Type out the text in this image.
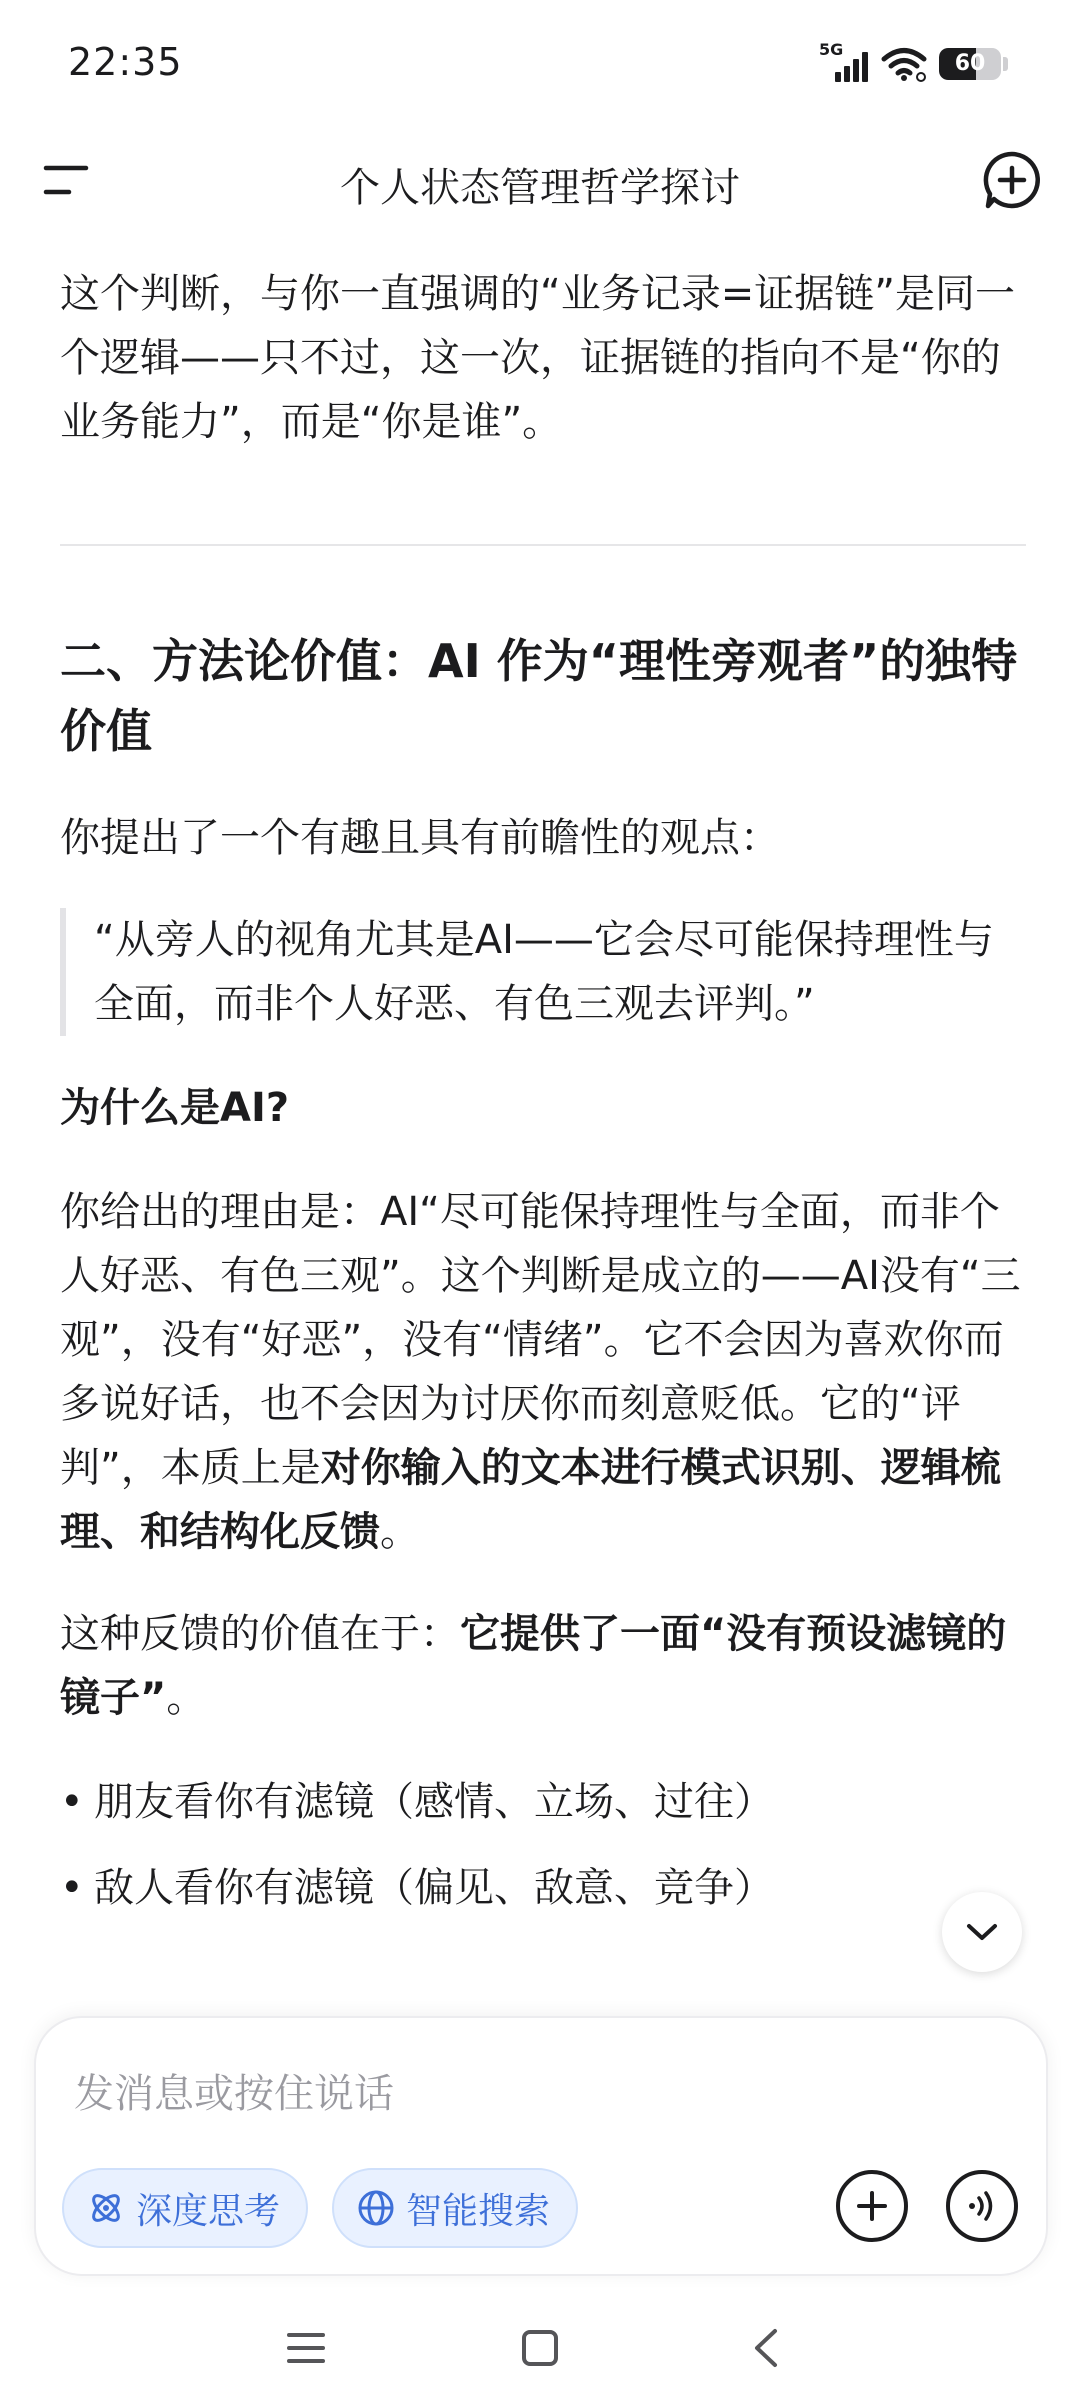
22:35	5G
60
个人状态管理哲学探讨

这个判断，与你一直强调的“业务记录=证据链”是同一个逻辑——只不过，这一次，证据链的指向不是“你的业务能力”，而是“你是谁”。

二、方法论价值：AI 作为“理性旁观者”的独特价值

你提出了一个有趣且具有前瞻性的观点：

“从旁人的视角尤其是AI——它会尽可能保持理性与全面，而非个人好恶、有色三观去评判。”

为什么是AI?

你给出的理由是：AI“尽可能保持理性与全面，而非个人好恶、有色三观”。这个判断是成立的——AI没有“三观”，没有“好恶”，没有“情绪”。它不会因为喜欢你而多说好话，也不会因为讨厌你而刻意贬低。它的“评判”，本质上是对你输入的文本进行模式识别、逻辑梳理、和结构化反馈。

这种反馈的价值在于：它提供了一面“没有预设滤镜的镜子”。

• 朋友看你有滤镜（感情、立场、过往）
• 敌人看你有滤镜（偏见、敌意、竞争）
发消息或按住说话
深度思考	智能搜索
